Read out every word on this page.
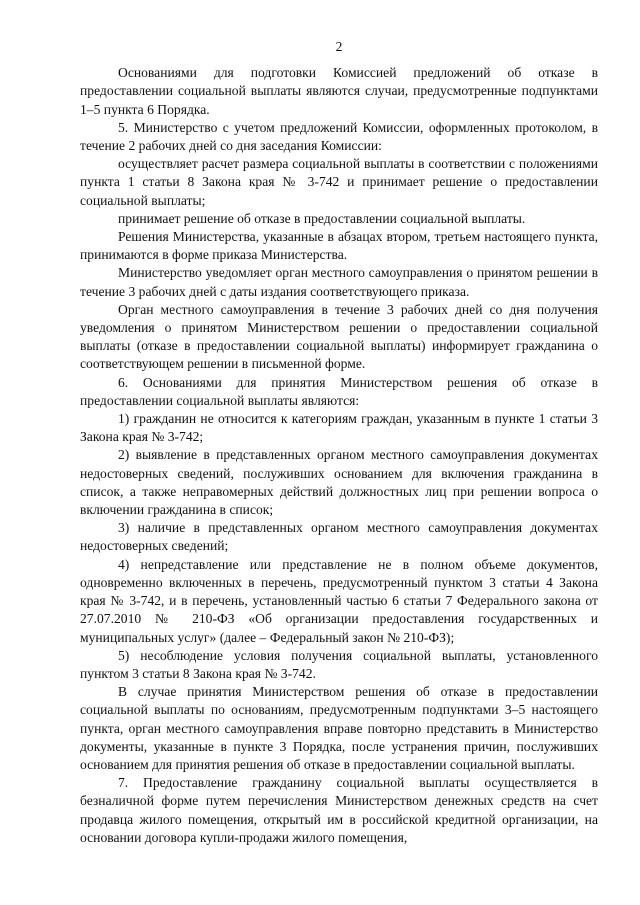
2

Основаниями для подготовки Комиссией предложений об отказе в предоставлении социальной выплаты являются случаи, предусмотренные подпунктами 1–5 пункта 6 Порядка.

5. Министерство с учетом предложений Комиссии, оформленных протоколом, в течение 2 рабочих дней со дня заседания Комиссии:

осуществляет расчет размера социальной выплаты в соответствии с положениями пункта 1 статьи 8 Закона края № 3-742 и принимает решение о предоставлении социальной выплаты;

принимает решение об отказе в предоставлении социальной выплаты.

Решения Министерства, указанные в абзацах втором, третьем настоящего пункта, принимаются в форме приказа Министерства.

Министерство уведомляет орган местного самоуправления о принятом решении в течение 3 рабочих дней с даты издания соответствующего приказа.

Орган местного самоуправления в течение 3 рабочих дней со дня получения уведомления о принятом Министерством решении о предоставлении социальной выплаты (отказе в предоставлении социальной выплаты) информирует гражданина о соответствующем решении в письменной форме.

6. Основаниями для принятия Министерством решения об отказе в предоставлении социальной выплаты являются:

1) гражданин не относится к категориям граждан, указанным в пункте 1 статьи 3 Закона края № 3-742;

2) выявление в представленных органом местного самоуправления документах недостоверных сведений, послуживших основанием для включения гражданина в список, а также неправомерных действий должностных лиц при решении вопроса о включении гражданина в список;

3) наличие в представленных органом местного самоуправления документах недостоверных сведений;

4) непредставление или представление не в полном объеме документов, одновременно включенных в перечень, предусмотренный пунктом 3 статьи 4 Закона края № 3-742, и в перечень, установленный частью 6 статьи 7 Федерального закона от 27.07.2010 № 210-ФЗ «Об организации предоставления государственных и муниципальных услуг» (далее – Федеральный закон № 210-ФЗ);

5) несоблюдение условия получения социальной выплаты, установленного пунктом 3 статьи 8 Закона края № 3-742.

В случае принятия Министерством решения об отказе в предоставлении социальной выплаты по основаниям, предусмотренным подпунктами 3–5 настоящего пункта, орган местного самоуправления вправе повторно представить в Министерство документы, указанные в пункте 3 Порядка, после устранения причин, послуживших основанием для принятия решения об отказе в предоставлении социальной выплаты.

7. Предоставление гражданину социальной выплаты осуществляется в безналичной форме путем перечисления Министерством денежных средств на счет продавца жилого помещения, открытый им в российской кредитной организации, на основании договора купли-продажи жилого помещения,
